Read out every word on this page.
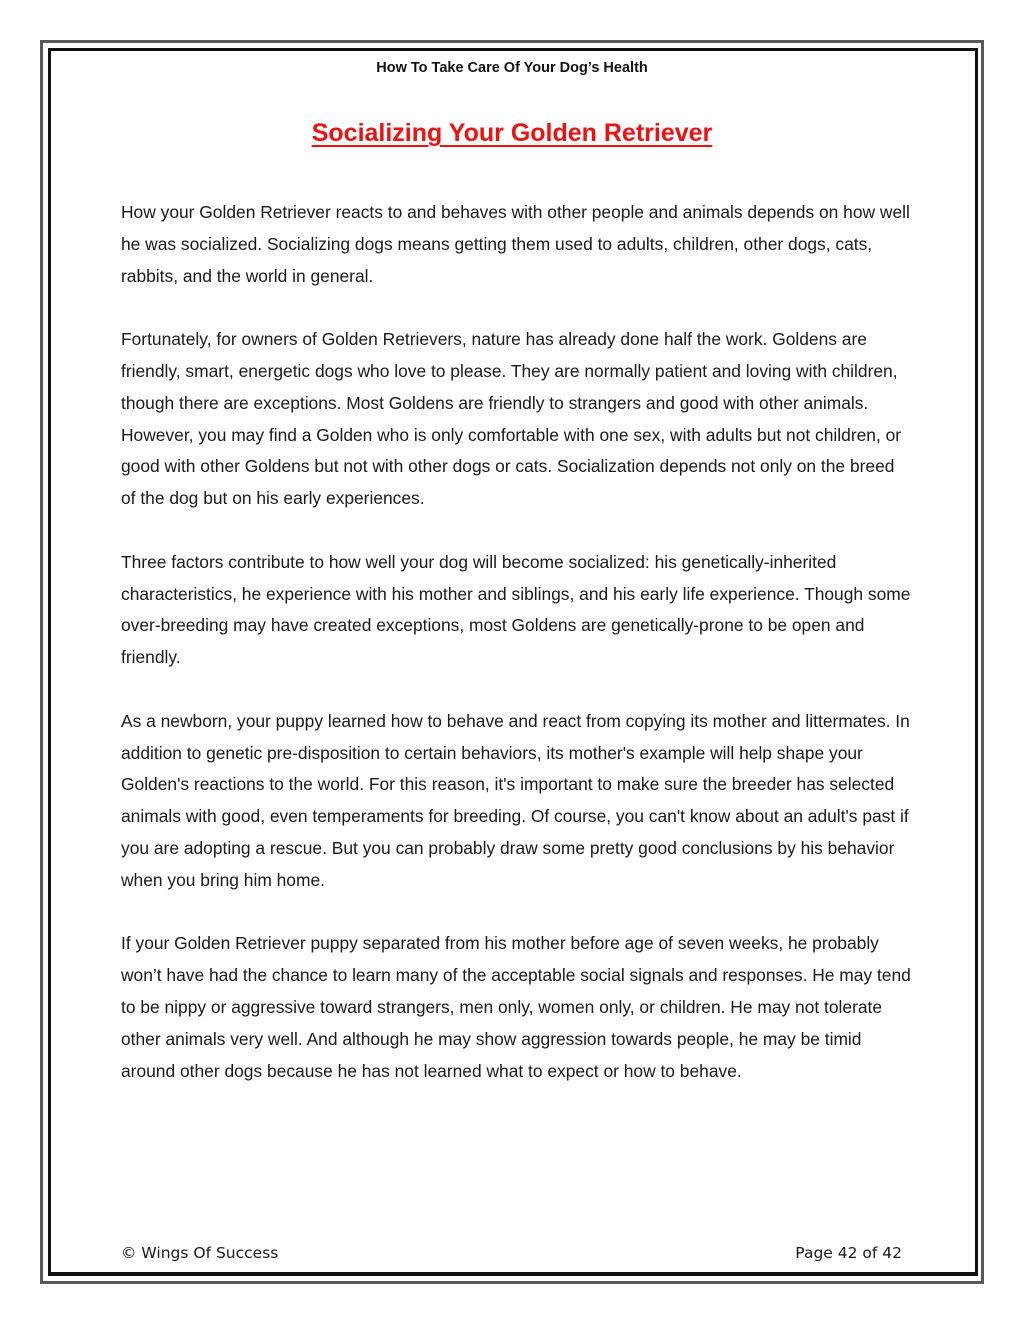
How To Take Care Of Your Dog’s Health
Socializing Your Golden Retriever

How your Golden Retriever reacts to and behaves with other people and animals depends on how well he was socialized. Socializing dogs means getting them used to adults, children, other dogs, cats, rabbits, and the world in general.

Fortunately, for owners of Golden Retrievers, nature has already done half the work. Goldens are friendly, smart, energetic dogs who love to please. They are normally patient and loving with children, though there are exceptions. Most Goldens are friendly to strangers and good with other animals. However, you may find a Golden who is only comfortable with one sex, with adults but not children, or good with other Goldens but not with other dogs or cats. Socialization depends not only on the breed of the dog but on his early experiences.

Three factors contribute to how well your dog will become socialized: his genetically-inherited characteristics, he experience with his mother and siblings, and his early life experience. Though some over-breeding may have created exceptions, most Goldens are genetically-prone to be open and friendly.

As a newborn, your puppy learned how to behave and react from copying its mother and littermates. In addition to genetic pre-disposition to certain behaviors, its mother's example will help shape your Golden's reactions to the world. For this reason, it's important to make sure the breeder has selected animals with good, even temperaments for breeding. Of course, you can't know about an adult's past if you are adopting a rescue. But you can probably draw some pretty good conclusions by his behavior when you bring him home.

If your Golden Retriever puppy separated from his mother before age of seven weeks, he probably won’t have had the chance to learn many of the acceptable social signals and responses. He may tend to be nippy or aggressive toward strangers, men only, women only, or children. He may not tolerate other animals very well. And although he may show aggression towards people, he may be timid around other dogs because he has not learned what to expect or how to behave.

© Wings Of Success	Page 42 of 42
